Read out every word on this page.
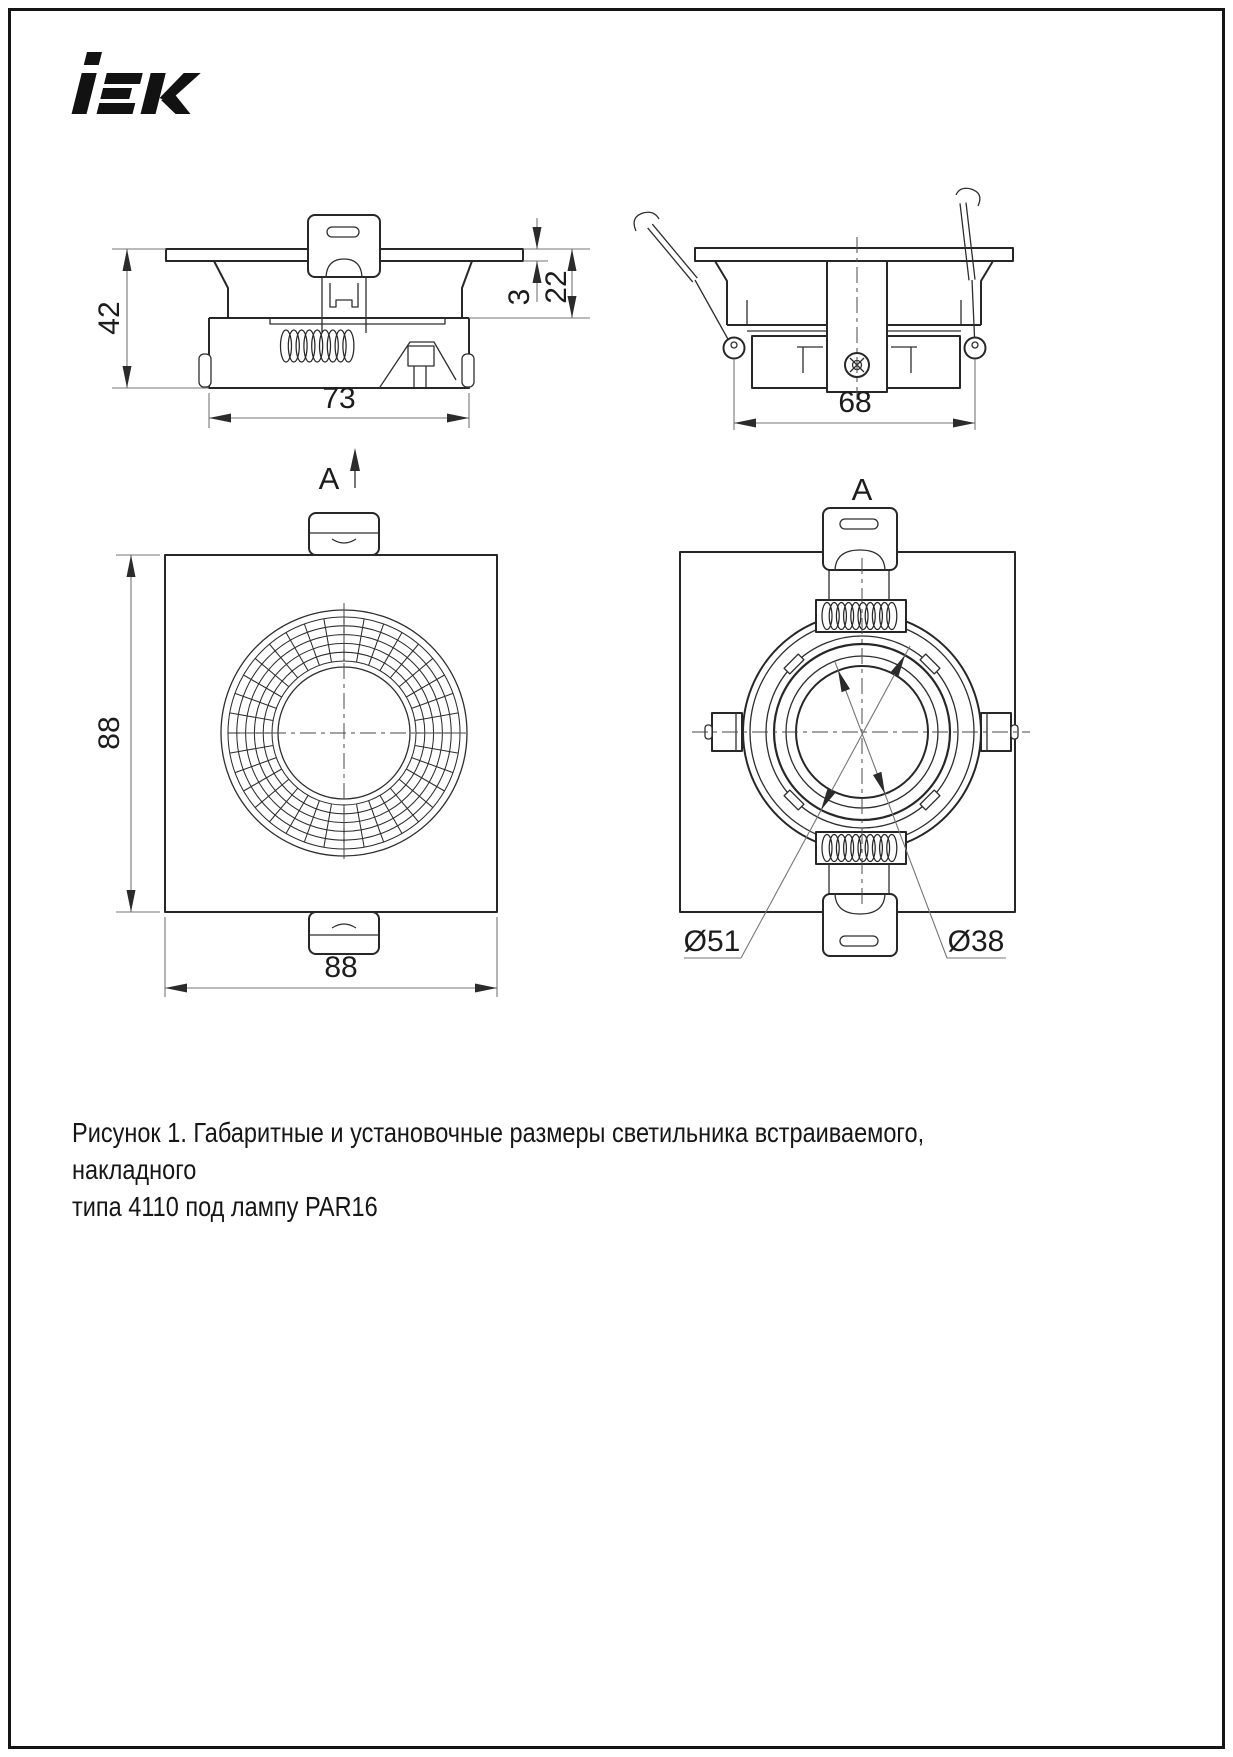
42
73
3 22
A
68
88
88
A
Ø51	Ø38
Рисунок 1. Габаритные и установочные размеры светильника встраиваемого, накладного
типа 4110 под лампу PAR16
